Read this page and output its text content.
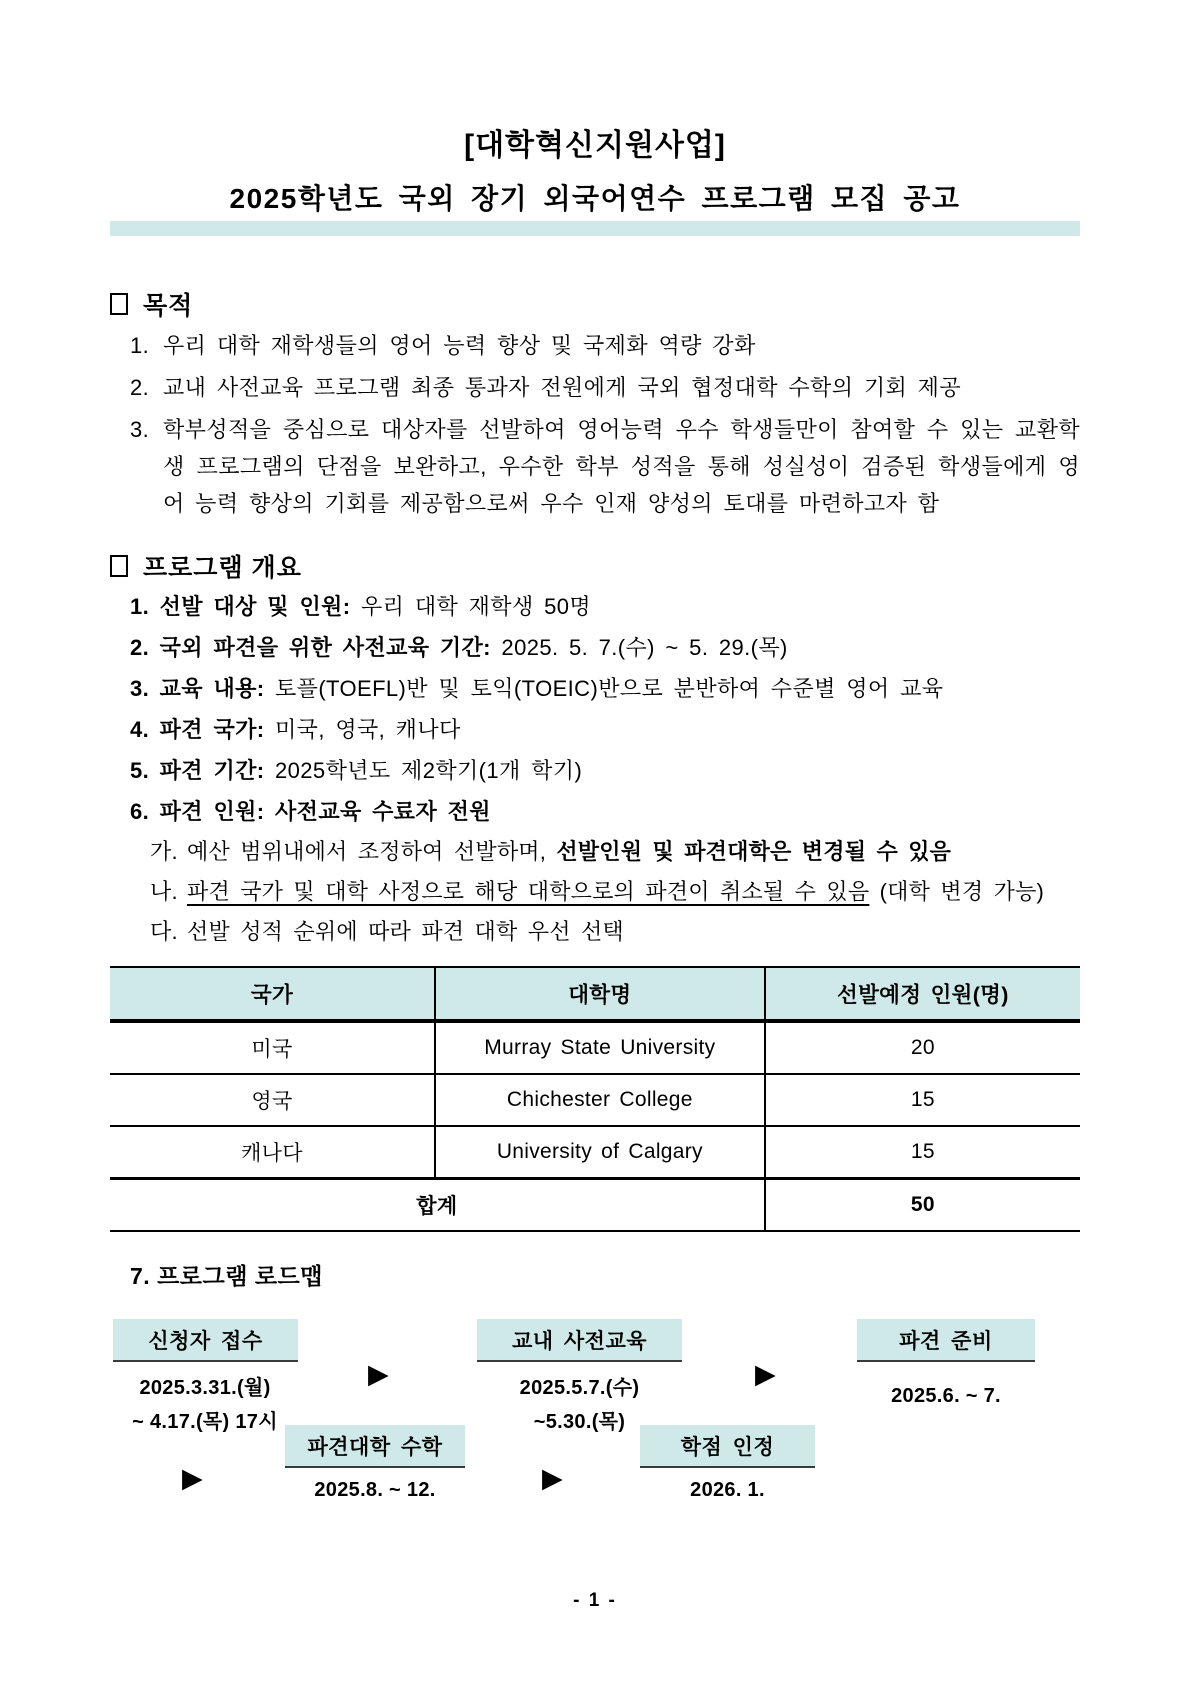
[대학혁신지원사업]
2025학년도 국외 장기 외국어연수 프로그램 모집 공고
목적
1. 우리 대학 재학생들의 영어 능력 향상 및 국제화 역량 강화
2. 교내 사전교육 프로그램 최종 통과자 전원에게 국외 협정대학 수학의 기회 제공
3. 학부성적을 중심으로 대상자를 선발하여 영어능력 우수 학생들만이 참여할 수 있는 교환학생 프로그램의 단점을 보완하고, 우수한 학부 성적을 통해 성실성이 검증된 학생들에게 영어 능력 향상의 기회를 제공함으로써 우수 인재 양성의 토대를 마련하고자 함
프로그램 개요
1. 선발 대상 및 인원: 우리 대학 재학생 50명
2. 국외 파견을 위한 사전교육 기간: 2025. 5. 7.(수) ~ 5. 29.(목)
3. 교육 내용: 토플(TOEFL)반 및 토익(TOEIC)반으로 분반하여 수준별 영어 교육
4. 파견 국가: 미국, 영국, 캐나다
5. 파견 기간: 2025학년도 제2학기(1개 학기)
6. 파견 인원: 사전교육 수료자 전원
가. 예산 범위내에서 조정하여 선발하며, 선발인원 및 파견대학은 변경될 수 있음
나. 파견 국가 및 대학 사정으로 해당 대학으로의 파견이 취소될 수 있음 (대학 변경 가능)
다. 선발 성적 순위에 따라 파견 대학 우선 선택
국가	대학명	선발예정 인원(명)
미국	Murray State University	20
영국	Chichester College	15
캐나다	University of Calgary	15
합계		50
7. 프로그램 로드맵
신청자 접수
2025.3.31.(월)
~ 4.17.(목) 17시
▶
교내 사전교육
2025.5.7.(수)
~5.30.(목)
▶
파견 준비
2025.6. ~ 7.
▶
파견대학 수학
2025.8. ~ 12.	▶
학점 인정
2026. 1.
- 1 -
